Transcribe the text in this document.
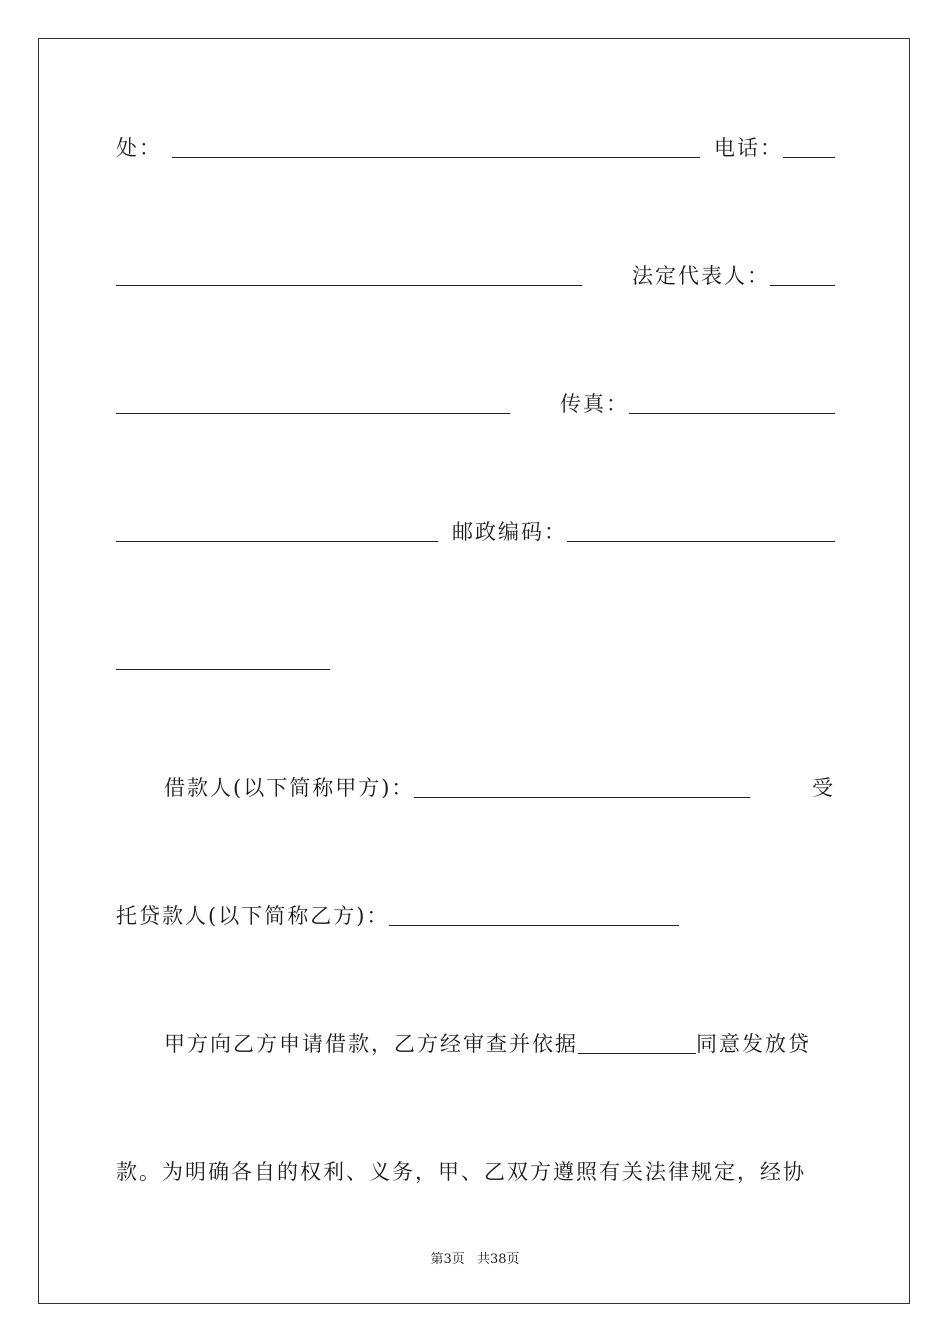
处：	电话：
法定代表人：
传真：
邮政编码：
借款人(以下简称甲方)：	受
托贷款人(以下简称乙方)：
甲方向乙方申请借款，乙方经审查并依据	同意发放贷
款。为明确各自的权利、义务，甲、乙双方遵照有关法律规定，经协
第3页 共38页
